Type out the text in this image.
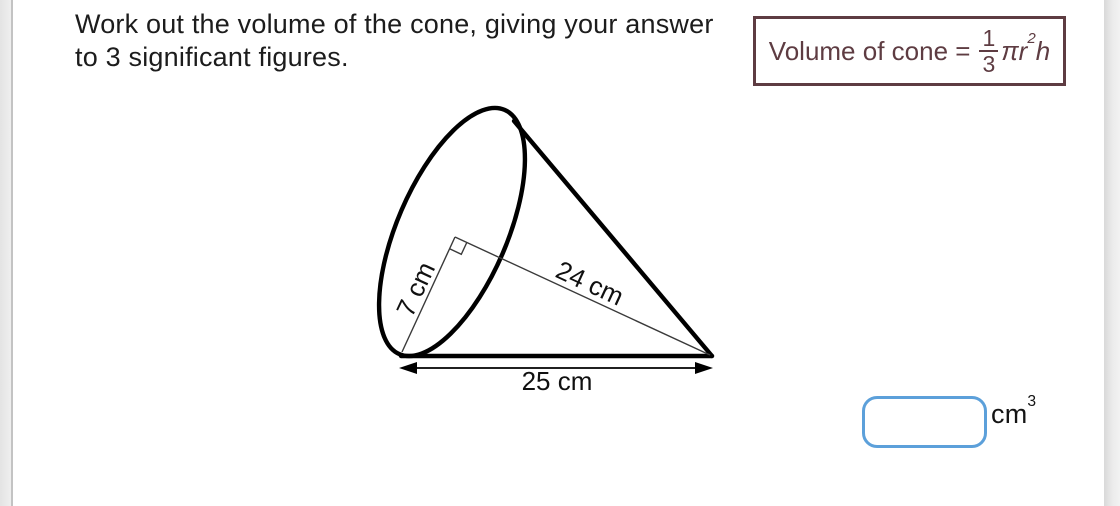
Work out the volume of the cone, giving your answer
to 3 significant figures.	Volume of cone = $\frac{1}{3} \pi r^2h$
7 cm	24 cm
25 cm
$cm^3$
